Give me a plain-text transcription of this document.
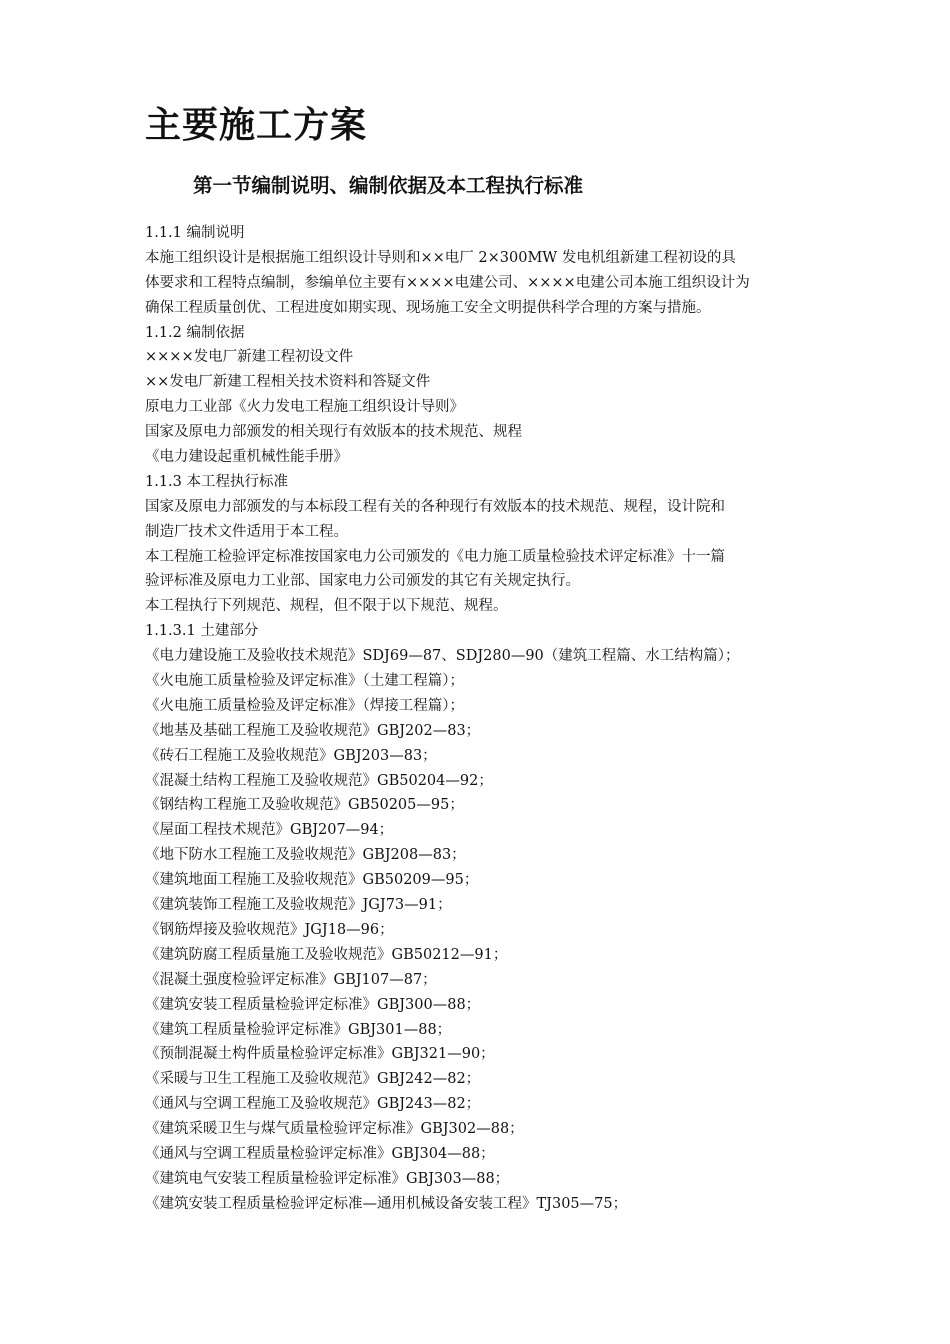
主要施工方案
第一节编制说明、编制依据及本工程执行标准

1.1.1 编制说明

本施工组织设计是根据施工组织设计导则和××电厂 2×300MW 发电机组新建工程初设的具

体要求和工程特点编制，参编单位主要有××××电建公司、××××电建公司本施工组织设计为

确保工程质量创优、工程进度如期实现、现场施工安全文明提供科学合理的方案与措施。

1.1.2 编制依据

××××发电厂新建工程初设文件

××发电厂新建工程相关技术资料和答疑文件

原电力工业部《火力发电工程施工组织设计导则》

国家及原电力部颁发的相关现行有效版本的技术规范、规程

《电力建设起重机械性能手册》

1.1.3 本工程执行标准

国家及原电力部颁发的与本标段工程有关的各种现行有效版本的技术规范、规程，设计院和

制造厂技术文件适用于本工程。

本工程施工检验评定标准按国家电力公司颁发的《电力施工质量检验技术评定标准》十一篇

验评标准及原电力工业部、国家电力公司颁发的其它有关规定执行。

本工程执行下列规范、规程，但不限于以下规范、规程。

1.1.3.1 土建部分

《电力建设施工及验收技术规范》SDJ69—87、SDJ280—90（建筑工程篇、水工结构篇）；

《火电施工质量检验及评定标准》（土建工程篇）；

《火电施工质量检验及评定标准》（焊接工程篇）；

《地基及基础工程施工及验收规范》GBJ202—83；

《砖石工程施工及验收规范》GBJ203—83；

《混凝土结构工程施工及验收规范》GB50204—92；

《钢结构工程施工及验收规范》GB50205—95；

《屋面工程技术规范》GBJ207—94；

《地下防水工程施工及验收规范》GBJ208—83；

《建筑地面工程施工及验收规范》GB50209—95；

《建筑装饰工程施工及验收规范》JGJ73—91；

《钢筋焊接及验收规范》JGJ18—96；

《建筑防腐工程质量施工及验收规范》GB50212—91；

《混凝土强度检验评定标准》GBJ107—87；

《建筑安装工程质量检验评定标准》GBJ300—88；

《建筑工程质量检验评定标准》GBJ301—88；

《预制混凝土构件质量检验评定标准》GBJ321—90；

《采暖与卫生工程施工及验收规范》GBJ242—82；

《通风与空调工程施工及验收规范》GBJ243—82；

《建筑采暖卫生与煤气质量检验评定标准》GBJ302—88；

《通风与空调工程质量检验评定标准》GBJ304—88；

《建筑电气安装工程质量检验评定标准》GBJ303—88；

《建筑安装工程质量检验评定标准—通用机械设备安装工程》TJ305—75；
